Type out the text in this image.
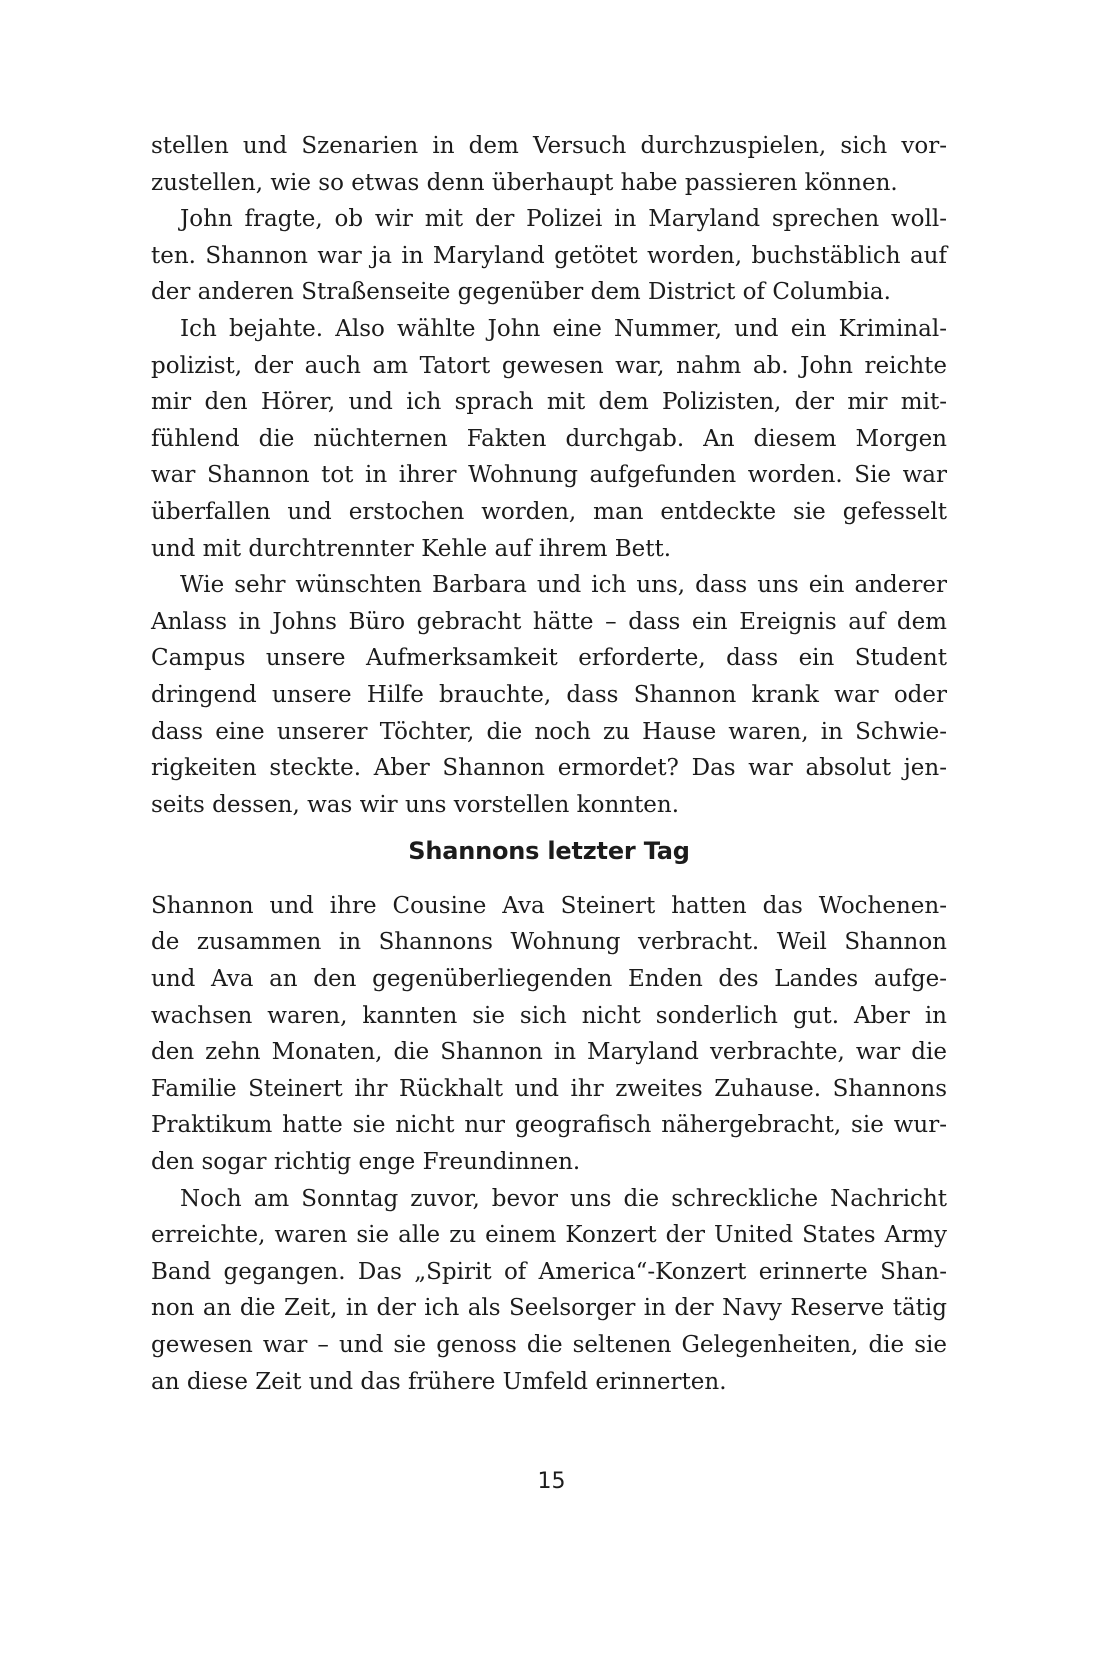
stellen und Szenarien in dem Versuch durchzuspielen, sich vor-
zustellen, wie so etwas denn überhaupt habe passieren können.
John fragte, ob wir mit der Polizei in Maryland sprechen woll-
ten. Shannon war ja in Maryland getötet worden, buchstäblich auf
der anderen Straßenseite gegenüber dem District of Columbia.
Ich bejahte. Also wählte John eine Nummer, und ein Kriminal-
polizist, der auch am Tatort gewesen war, nahm ab. John reichte
mir den Hörer, und ich sprach mit dem Polizisten, der mir mit-
fühlend die nüchternen Fakten durchgab. An diesem Morgen
war Shannon tot in ihrer Wohnung aufgefunden worden. Sie war
überfallen und erstochen worden, man entdeckte sie gefesselt
und mit durchtrennter Kehle auf ihrem Bett.
Wie sehr wünschten Barbara und ich uns, dass uns ein anderer
Anlass in Johns Büro gebracht hätte – dass ein Ereignis auf dem
Campus unsere Aufmerksamkeit erforderte, dass ein Student
dringend unsere Hilfe brauchte, dass Shannon krank war oder
dass eine unserer Töchter, die noch zu Hause waren, in Schwie-
rigkeiten steckte. Aber Shannon ermordet? Das war absolut jen-
seits dessen, was wir uns vorstellen konnten.
Shannons letzter Tag
Shannon und ihre Cousine Ava Steinert hatten das Wochenen-
de zusammen in Shannons Wohnung verbracht. Weil Shannon
und Ava an den gegenüberliegenden Enden des Landes aufge-
wachsen waren, kannten sie sich nicht sonderlich gut. Aber in
den zehn Monaten, die Shannon in Maryland verbrachte, war die
Familie Steinert ihr Rückhalt und ihr zweites Zuhause. Shannons
Praktikum hatte sie nicht nur geografisch nähergebracht, sie wur-
den sogar richtig enge Freundinnen.
Noch am Sonntag zuvor, bevor uns die schreckliche Nachricht
erreichte, waren sie alle zu einem Konzert der United States Army
Band gegangen. Das „Spirit of America“-Konzert erinnerte Shan-
non an die Zeit, in der ich als Seelsorger in der Navy Reserve tätig
gewesen war – und sie genoss die seltenen Gelegenheiten, die sie
an diese Zeit und das frühere Umfeld erinnerten.
15
